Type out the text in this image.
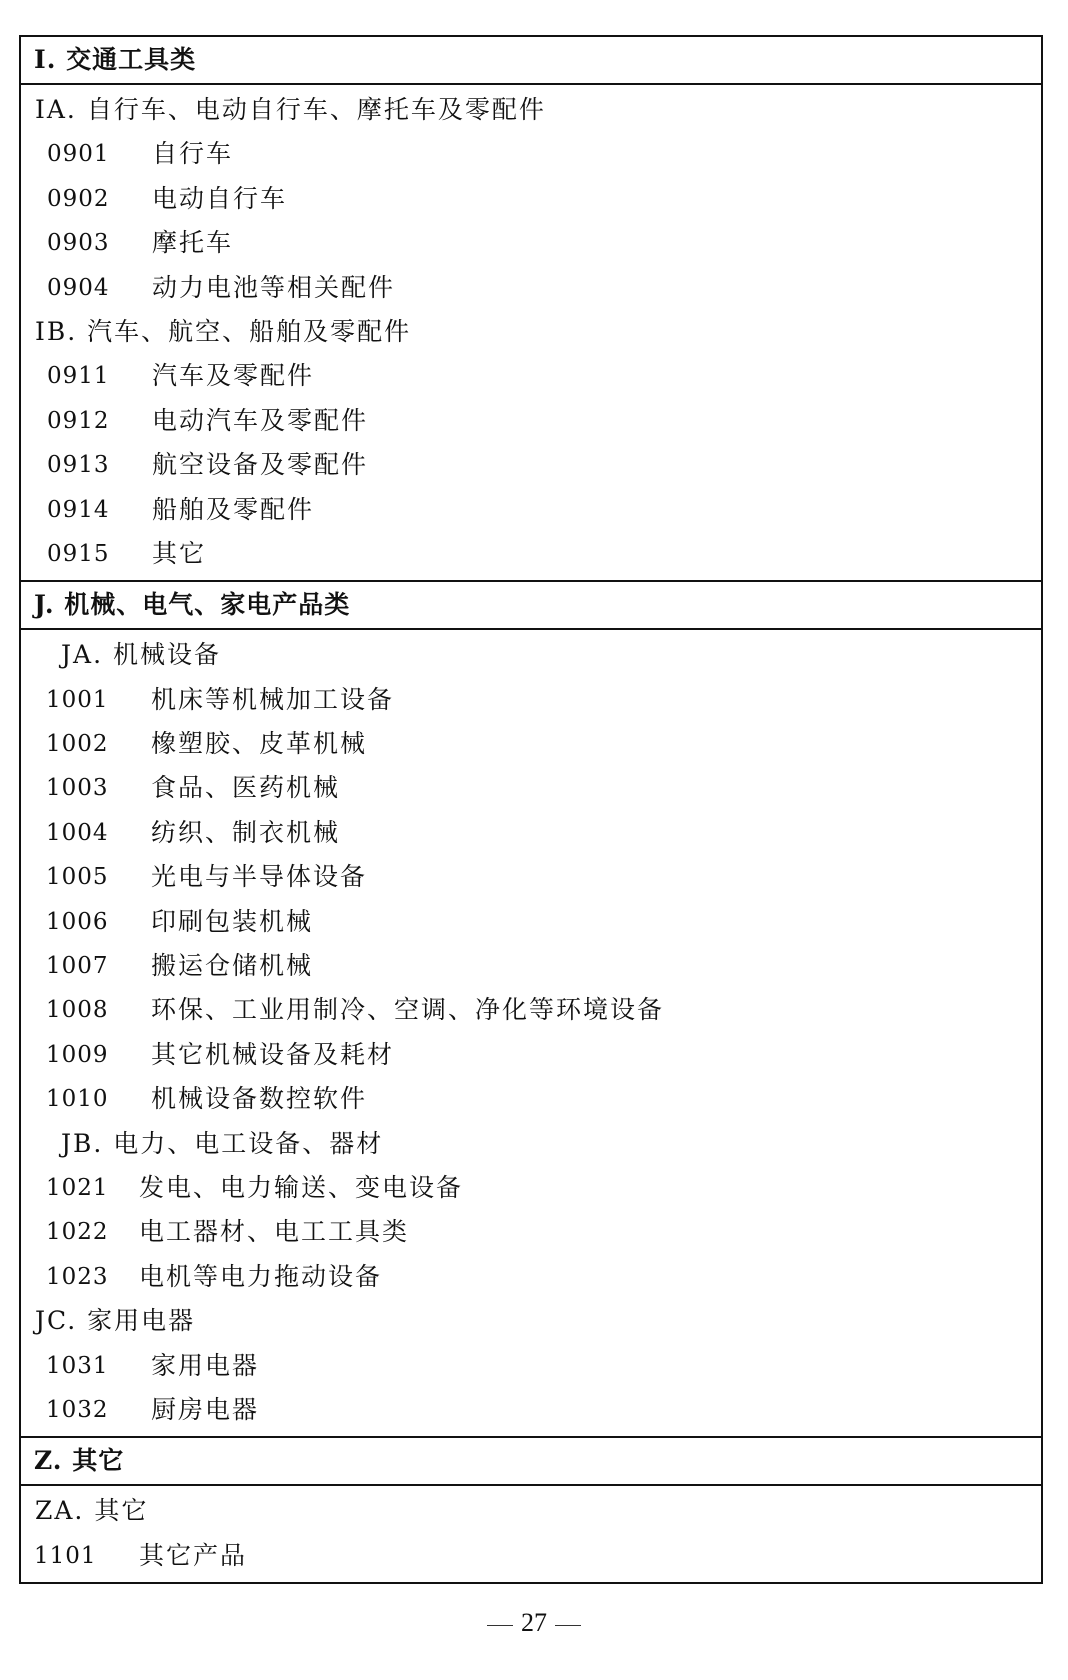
I. 交通工具类
IA. 自行车、电动自行车、摩托车及零配件
0901 自行车
0902 电动自行车
0903 摩托车
0904 动力电池等相关配件
IB. 汽车、航空、船舶及零配件
0911 汽车及零配件
0912 电动汽车及零配件
0913 航空设备及零配件
0914 船舶及零配件
0915 其它
J. 机械、电气、家电产品类
JA. 机械设备
1001 机床等机械加工设备
1002 橡塑胶、皮革机械
1003 食品、医药机械
1004 纺织、制衣机械
1005 光电与半导体设备
1006 印刷包装机械
1007 搬运仓储机械
1008 环保、工业用制冷、空调、净化等环境设备
1009 其它机械设备及耗材
1010 机械设备数控软件
JB. 电力、电工设备、器材
1021 发电、电力输送、变电设备
1022 电工器材、电工工具类
1023 电机等电力拖动设备
JC. 家用电器
1031 家用电器
1032 厨房电器
Z. 其它
ZA. 其它
1101 其它产品
27
